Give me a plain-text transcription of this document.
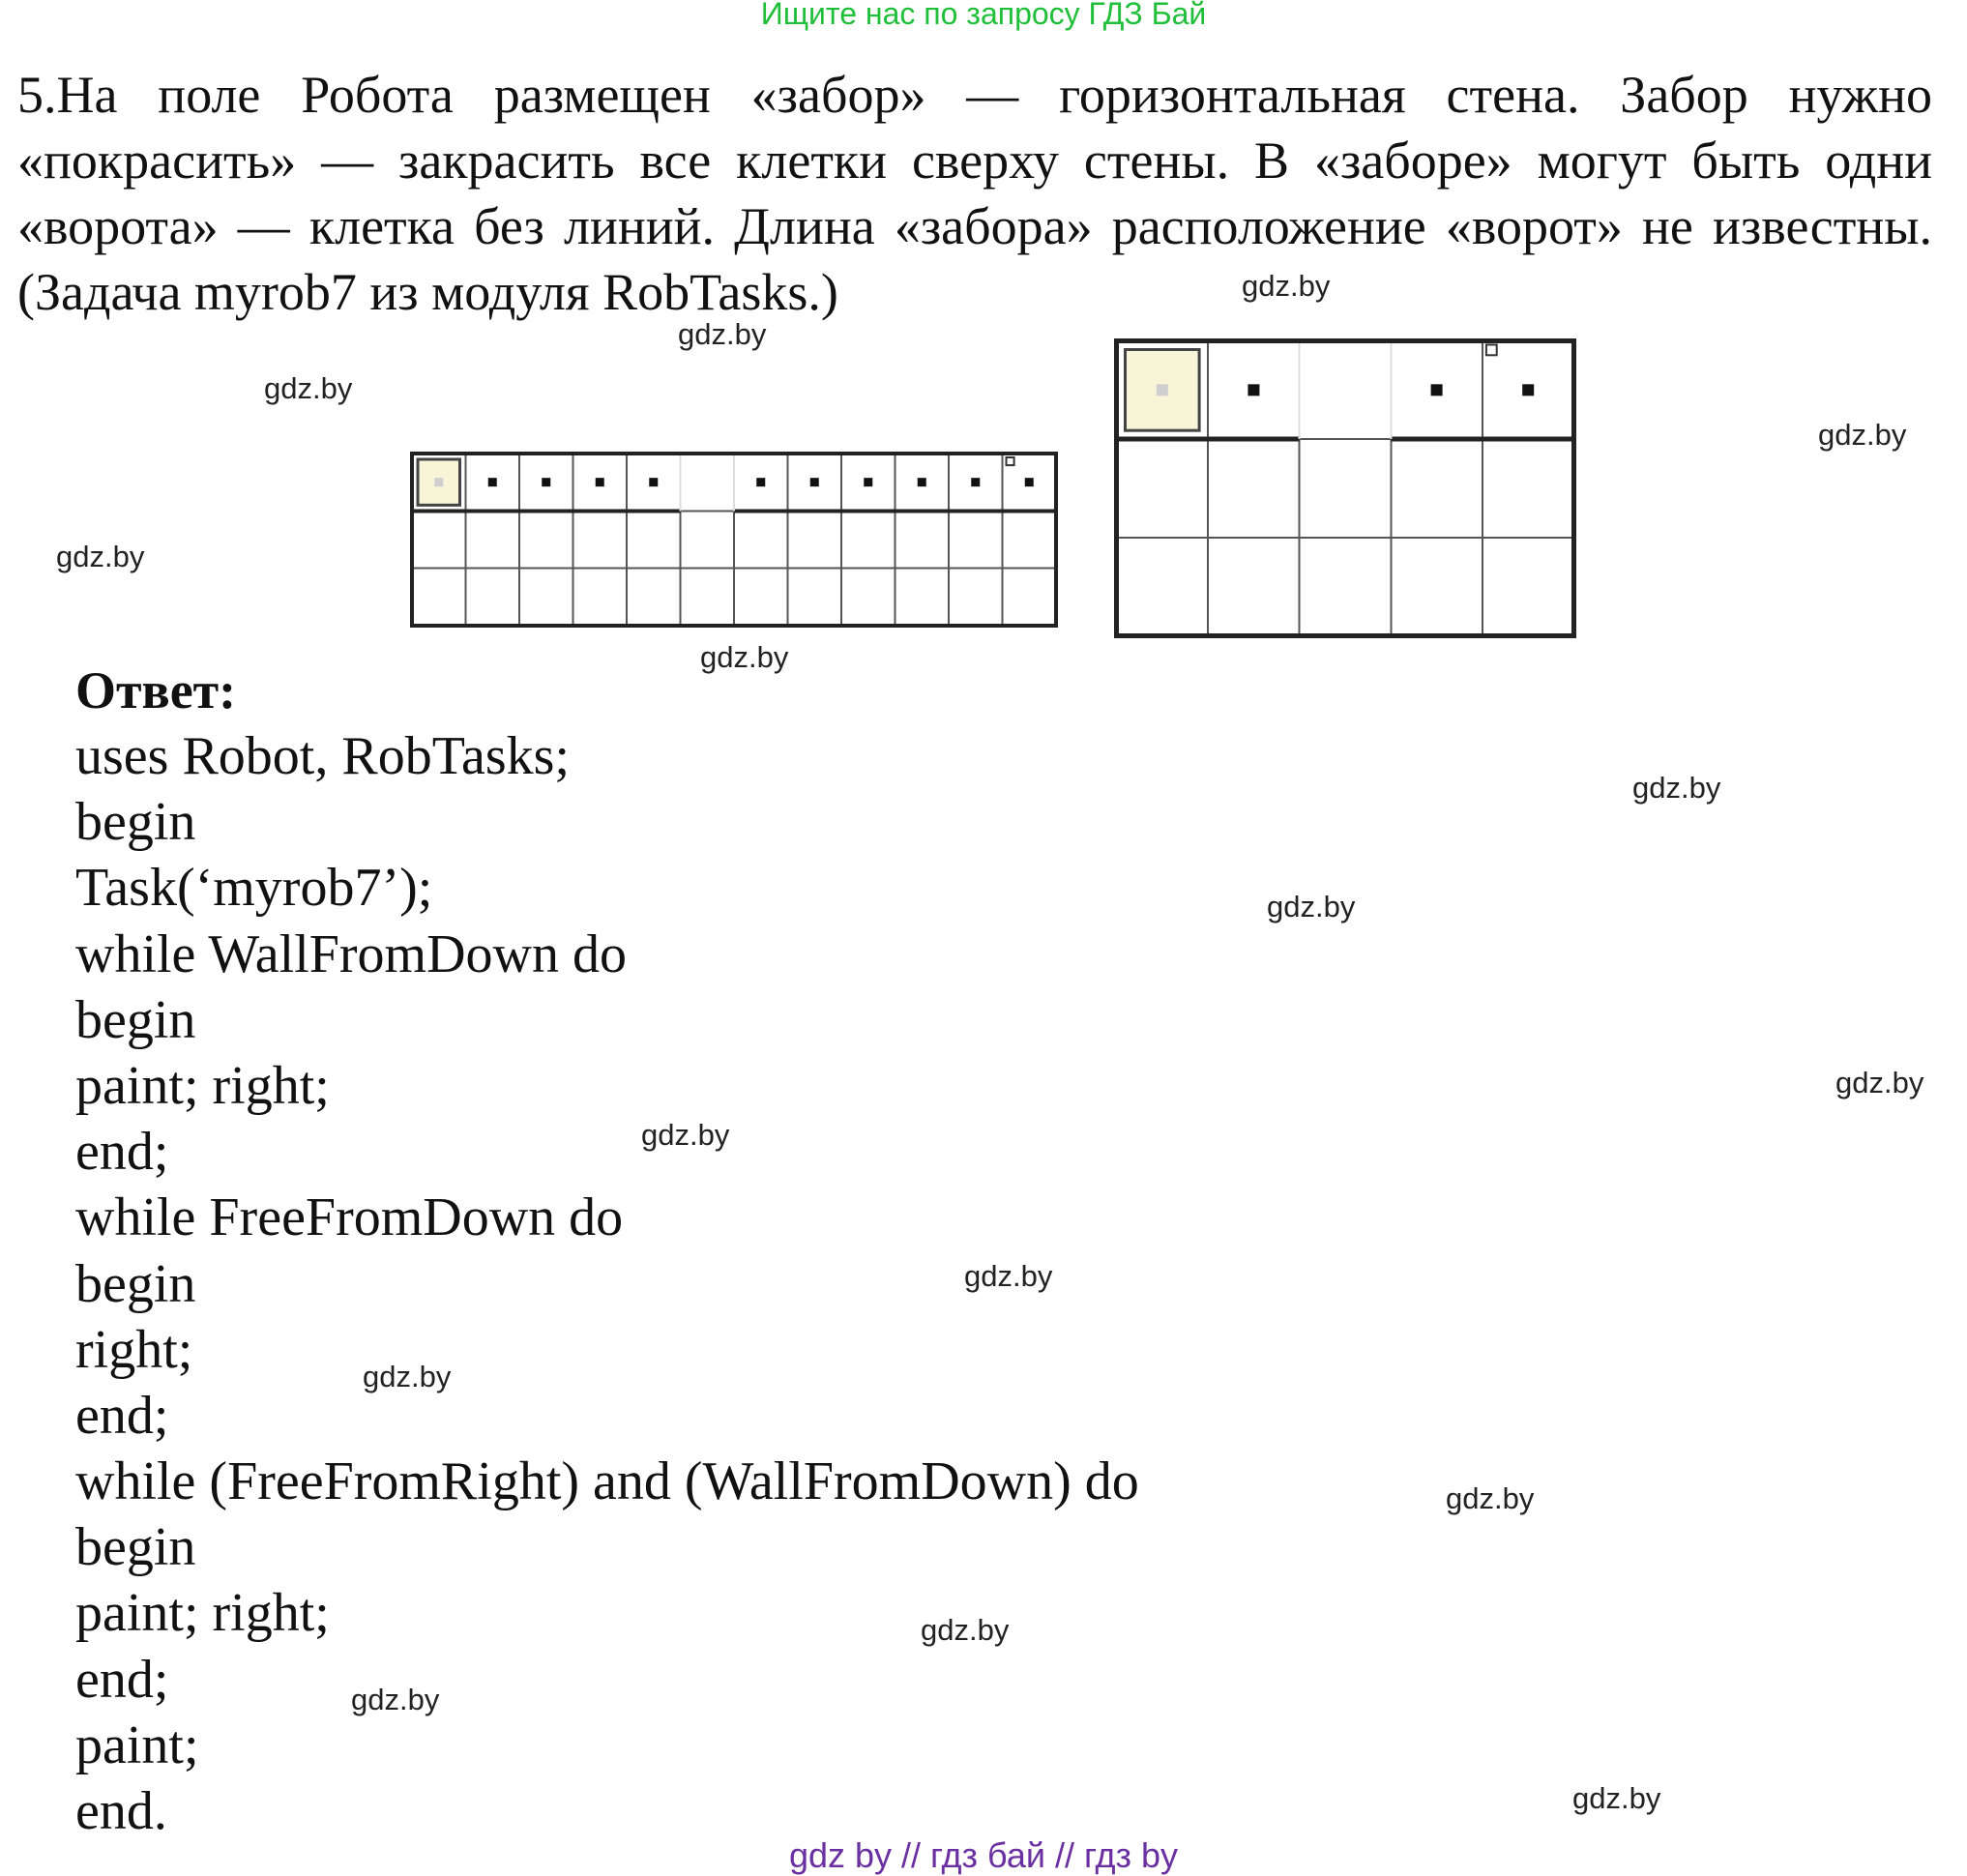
Ищите нас по запросу ГДЗ Бай
5.На поле Робота размещен «забор» — горизонтальная стена. Забор нужно «покрасить» — закрасить все клетки сверху стены. В «заборе» могут быть одни «ворота» — клетка без линий. Длина «забора» расположение «ворот» не известны. (Задача myrob7 из модуля RobTasks.)
Ответ:
uses Robot, RobTasks;
begin
Task(‘myrob7’);
while WallFromDown do
begin
paint; right;
end;
while FreeFromDown do
begin
right;
end;
while (FreeFromRight) and (WallFromDown) do
begin
paint; right;
end;
paint;
end.
gdz.by
gdz.by
gdz.by
gdz.by
gdz.by
gdz.by
gdz.by
gdz.by
gdz.by
gdz.by
gdz.by
gdz.by
gdz.by
gdz.by
gdz.by
gdz.by
gdz by // гдз бай // гдз by
